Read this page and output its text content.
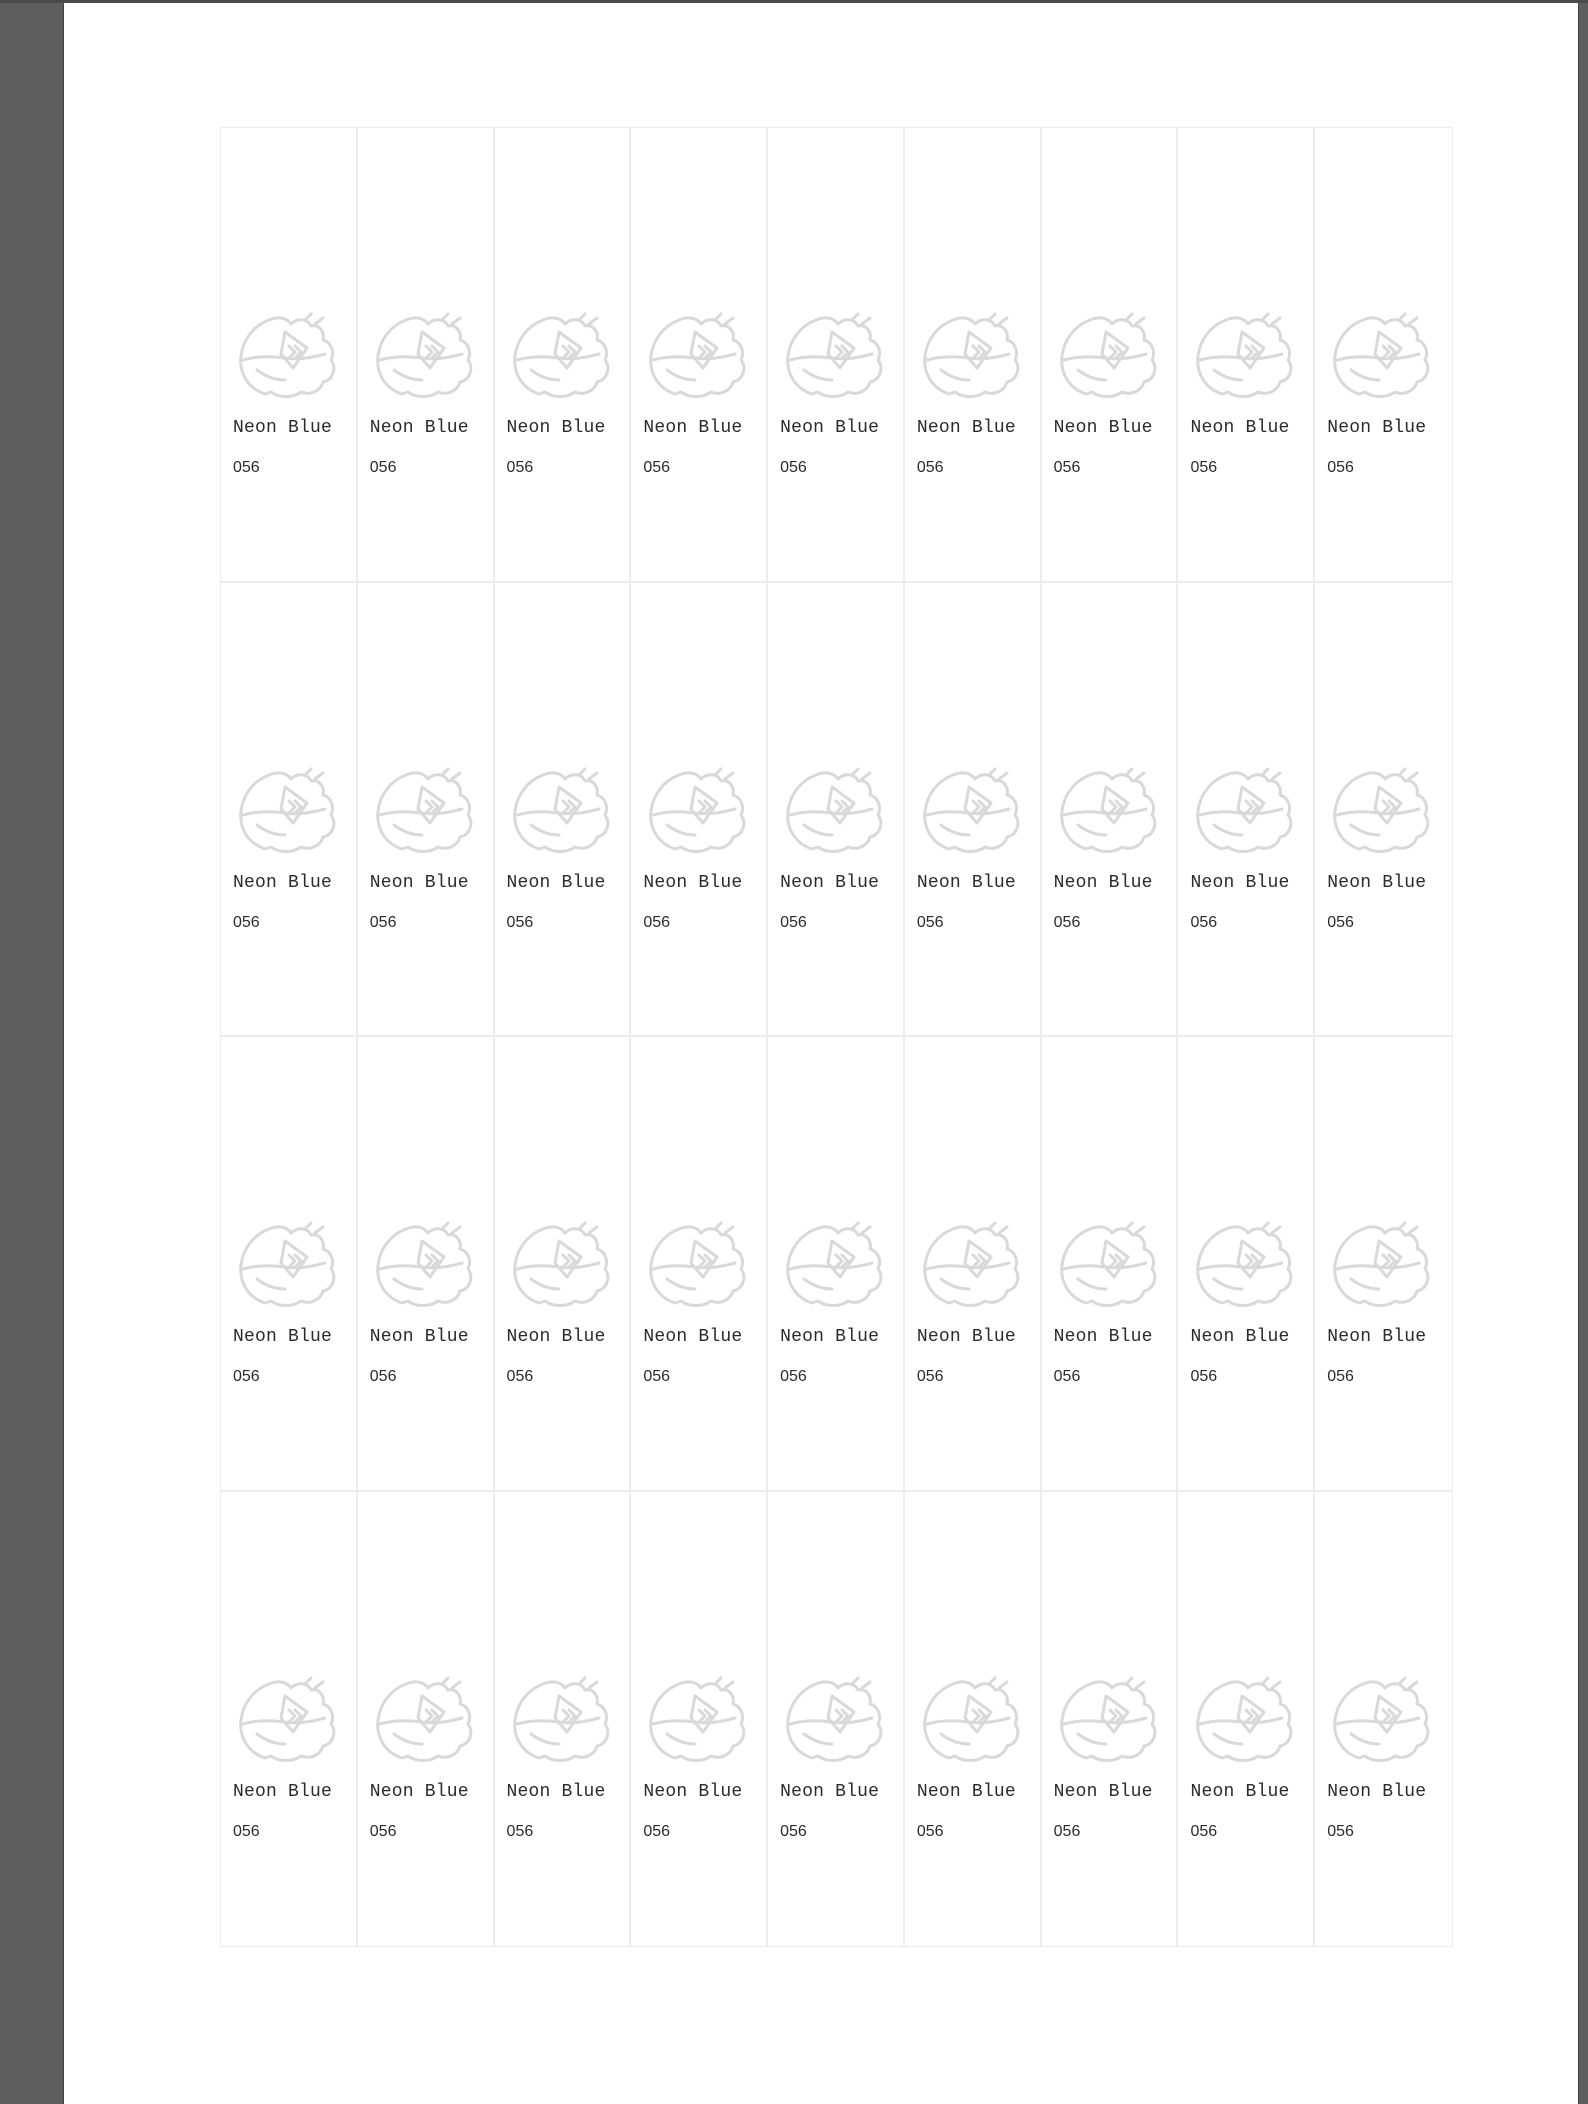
Neon Blue
056
Neon Blue
056
Neon Blue
056
Neon Blue
056
Neon Blue
056
Neon Blue
056
Neon Blue
056
Neon Blue
056
Neon Blue
056
Neon Blue
056
Neon Blue
056
Neon Blue
056
Neon Blue
056
Neon Blue
056
Neon Blue
056
Neon Blue
056
Neon Blue
056
Neon Blue
056
Neon Blue
056
Neon Blue
056
Neon Blue
056
Neon Blue
056
Neon Blue
056
Neon Blue
056
Neon Blue
056
Neon Blue
056
Neon Blue
056
Neon Blue
056
Neon Blue
056
Neon Blue
056
Neon Blue
056
Neon Blue
056
Neon Blue
056
Neon Blue
056
Neon Blue
056
Neon Blue
056
